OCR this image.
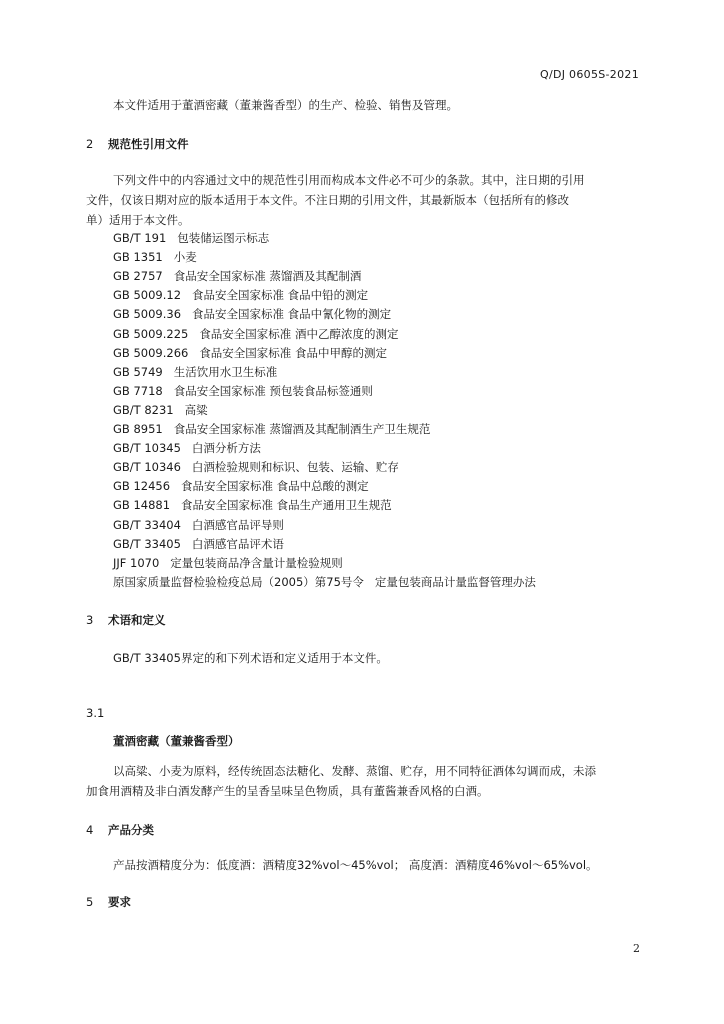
Q/DJ 0605S-2021
本文件适用于董酒密藏（董兼酱香型）的生产、检验、销售及管理。
2 规范性引用文件
下列文件中的内容通过文中的规范性引用而构成本文件必不可少的条款。其中，注日期的引用
文件，仅该日期对应的版本适用于本文件。不注日期的引用文件，其最新版本（包括所有的修改
单）适用于本文件。
GB/T 191 包装储运图示标志
GB 1351 小麦
GB 2757 食品安全国家标准 蒸馏酒及其配制酒
GB 5009.12 食品安全国家标准 食品中铅的测定
GB 5009.36 食品安全国家标准 食品中氰化物的测定
GB 5009.225 食品安全国家标准 酒中乙醇浓度的测定
GB 5009.266 食品安全国家标准 食品中甲醇的测定
GB 5749 生活饮用水卫生标准
GB 7718 食品安全国家标准 预包装食品标签通则
GB/T 8231 高粱
GB 8951 食品安全国家标准 蒸馏酒及其配制酒生产卫生规范
GB/T 10345 白酒分析方法
GB/T 10346 白酒检验规则和标识、包装、运输、贮存
GB 12456 食品安全国家标准 食品中总酸的测定
GB 14881 食品安全国家标准 食品生产通用卫生规范
GB/T 33404 白酒感官品评导则
GB/T 33405 白酒感官品评术语
JJF 1070 定量包装商品净含量计量检验规则
原国家质量监督检验检疫总局（2005）第75号令 定量包装商品计量监督管理办法
3 术语和定义
GB/T 33405界定的和下列术语和定义适用于本文件。
3.1
董酒密藏（董兼酱香型）
以高粱、小麦为原料，经传统固态法糖化、发酵、蒸馏、贮存，用不同特征酒体勾调而成，未添
加食用酒精及非白酒发酵产生的呈香呈味呈色物质，具有董酱兼香风格的白酒。
4 产品分类
产品按酒精度分为：低度酒：酒精度32%vol～45%vol； 高度酒：酒精度46%vol～65%vol。
5 要求
2
